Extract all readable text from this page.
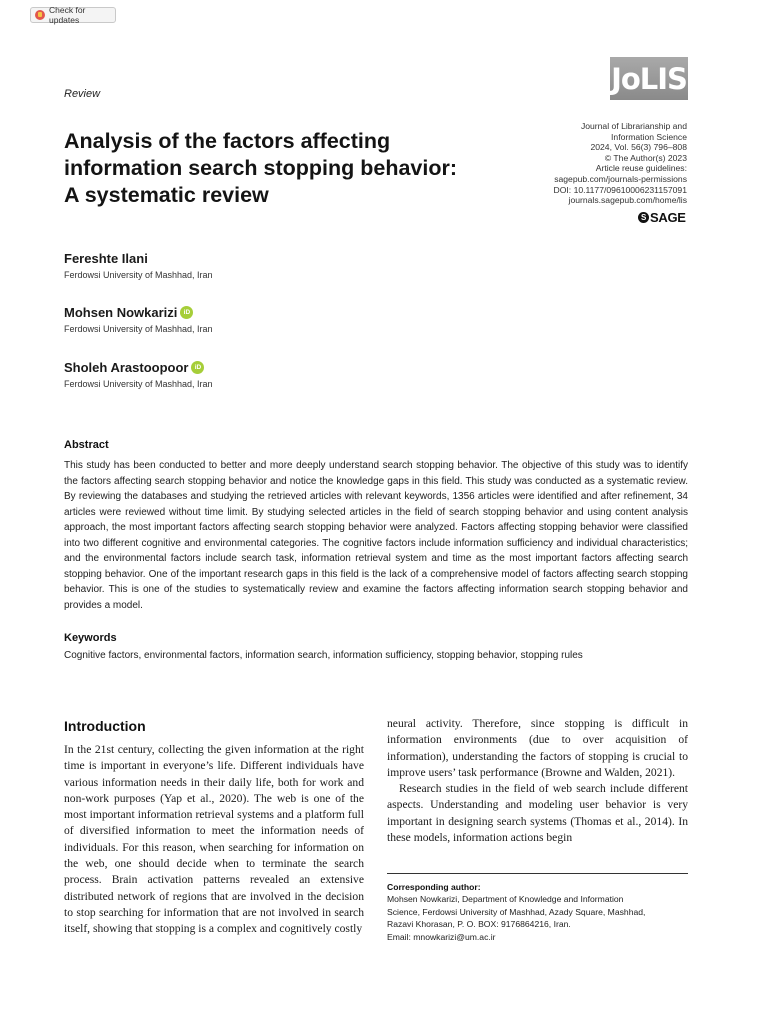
Check for updates
Review	JoLIS
Analysis of the factors affecting
information search stopping behavior:
A systematic review
Journal of Librarianship and
Information Science
2024, Vol. 56(3) 796–808
© The Author(s) 2023
Article reuse guidelines:
sagepub.com/journals-permissions
DOI: 10.1177/09610006231157091
journals.sagepub.com/home/lis
S SAGE
Fereshte Ilani
Ferdowsi University of Mashhad, Iran
Mohsen Nowkarizi iD
Ferdowsi University of Mashhad, Iran
Sholeh Arastoopoor iD
Ferdowsi University of Mashhad, Iran
Abstract

This study has been conducted to better and more deeply understand search stopping behavior. The objective of this study was to identify the factors affecting search stopping behavior and notice the knowledge gaps in this field. This study was conducted as a systematic review. By reviewing the databases and studying the retrieved articles with relevant keywords, 1356 articles were identified and after refinement, 34 articles were reviewed without time limit. By studying selected articles in the field of search stopping behavior and using content analysis approach, the most important factors affecting search stopping behavior were analyzed. Factors affecting stopping behavior were classified into two different cognitive and environmental categories. The cognitive factors include information sufficiency and individual characteristics; and the environmental factors include search task, information retrieval system and time as the most important factors affecting search stopping behavior. One of the important research gaps in this field is the lack of a comprehensive model of factors affecting search stopping behavior. This is one of the studies to systematically review and examine the factors affecting information search stopping behavior and provides a model.

Keywords

Cognitive factors, environmental factors, information search, information sufficiency, stopping behavior, stopping rules

Introduction

In the 21st century, collecting the given information at the right time is important in everyone’s life. Different individuals have various information needs in their daily life, both for work and non-work purposes (Yap et al., 2020). The web is one of the most important information retrieval systems and a platform full of diversified information to meet the information needs of individuals. For this reason, when searching for information on the web, one should decide when to terminate the search process. Brain activation patterns revealed an extensive distributed network of regions that are involved in the decision to stop searching for information that are not involved in search itself, showing that stopping is a complex and cognitively costly

neural activity. Therefore, since stopping is difficult in information environments (due to over acquisition of information), understanding the factors of stopping is crucial to improve users’ task performance (Browne and Walden, 2021).

Research studies in the field of web search include different aspects. Understanding and modeling user behavior is very important in designing search systems (Thomas et al., 2014). In these models, information actions begin

Corresponding author:
Mohsen Nowkarizi, Department of Knowledge and Information
Science, Ferdowsi University of Mashhad, Azady Square, Mashhad,
Razavi Khorasan, P. O. BOX: 9176864216, Iran.
Email: mnowkarizi@um.ac.ir
